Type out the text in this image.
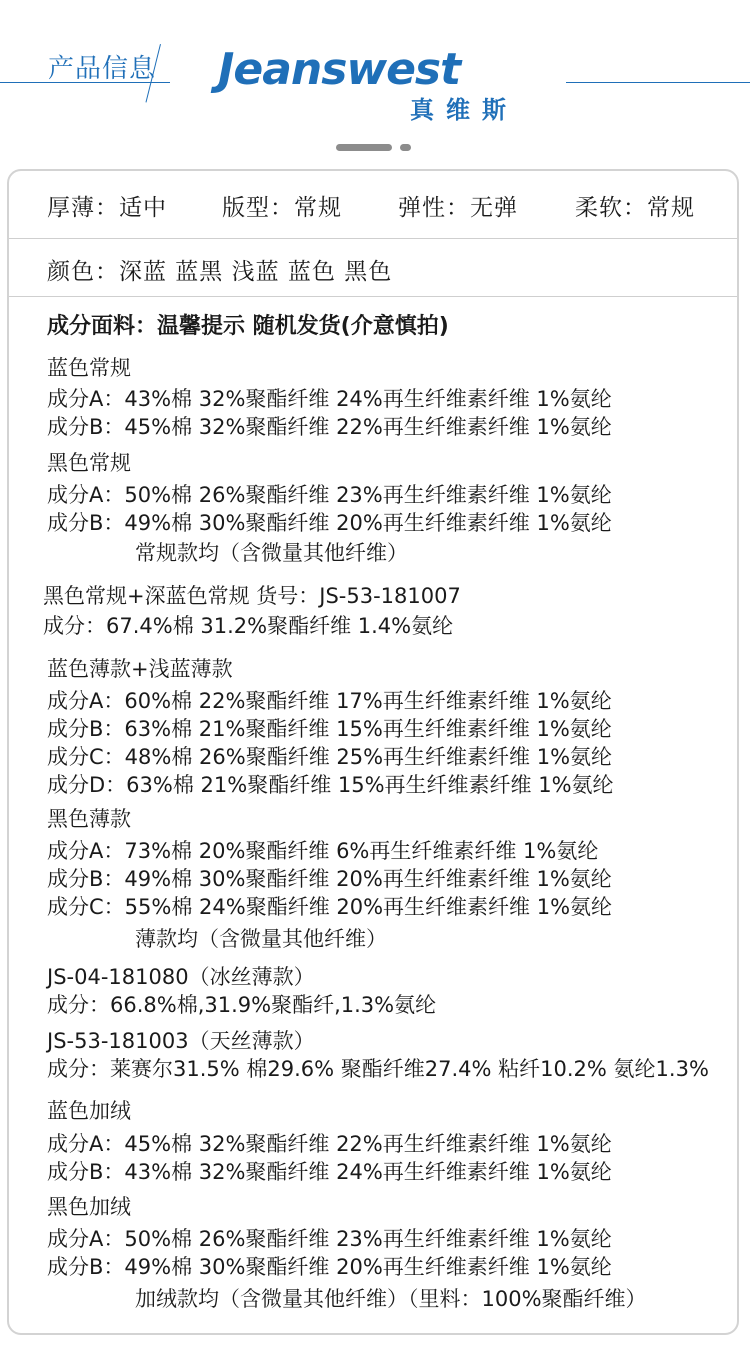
产品信息 Jeanswest
真维斯
厚薄：适中 版型：常规 弹性：无弹 柔软：常规
颜色：深蓝 蓝黑 浅蓝 蓝色 黑色
成分面料：温馨提示 随机发货(介意慎拍)
蓝色常规
成分A：43%棉 32%聚酯纤维 24%再生纤维素纤维 1%氨纶
成分B：45%棉 32%聚酯纤维 22%再生纤维素纤维 1%氨纶
黑色常规
成分A：50%棉 26%聚酯纤维 23%再生纤维素纤维 1%氨纶
成分B：49%棉 30%聚酯纤维 20%再生纤维素纤维 1%氨纶
常规款均（含微量其他纤维）
黑色常规+深蓝色常规 货号：JS-53-181007
成分：67.4%棉 31.2%聚酯纤维 1.4%氨纶
蓝色薄款+浅蓝薄款
成分A：60%棉 22%聚酯纤维 17%再生纤维素纤维 1%氨纶
成分B：63%棉 21%聚酯纤维 15%再生纤维素纤维 1%氨纶
成分C：48%棉 26%聚酯纤维 25%再生纤维素纤维 1%氨纶
成分D：63%棉 21%聚酯纤维 15%再生纤维素纤维 1%氨纶
黑色薄款
成分A：73%棉 20%聚酯纤维 6%再生纤维素纤维 1%氨纶
成分B：49%棉 30%聚酯纤维 20%再生纤维素纤维 1%氨纶
成分C：55%棉 24%聚酯纤维 20%再生纤维素纤维 1%氨纶
薄款均（含微量其他纤维）
JS-04-181080（冰丝薄款）
成分：66.8%棉,31.9%聚酯纤,1.3%氨纶
JS-53-181003（天丝薄款）
成分：莱赛尔31.5% 棉29.6% 聚酯纤维27.4% 粘纤10.2% 氨纶1.3%
蓝色加绒
成分A：45%棉 32%聚酯纤维 22%再生纤维素纤维 1%氨纶
成分B：43%棉 32%聚酯纤维 24%再生纤维素纤维 1%氨纶
黑色加绒
成分A：50%棉 26%聚酯纤维 23%再生纤维素纤维 1%氨纶
成分B：49%棉 30%聚酯纤维 20%再生纤维素纤维 1%氨纶
加绒款均（含微量其他纤维）（里料：100%聚酯纤维）
